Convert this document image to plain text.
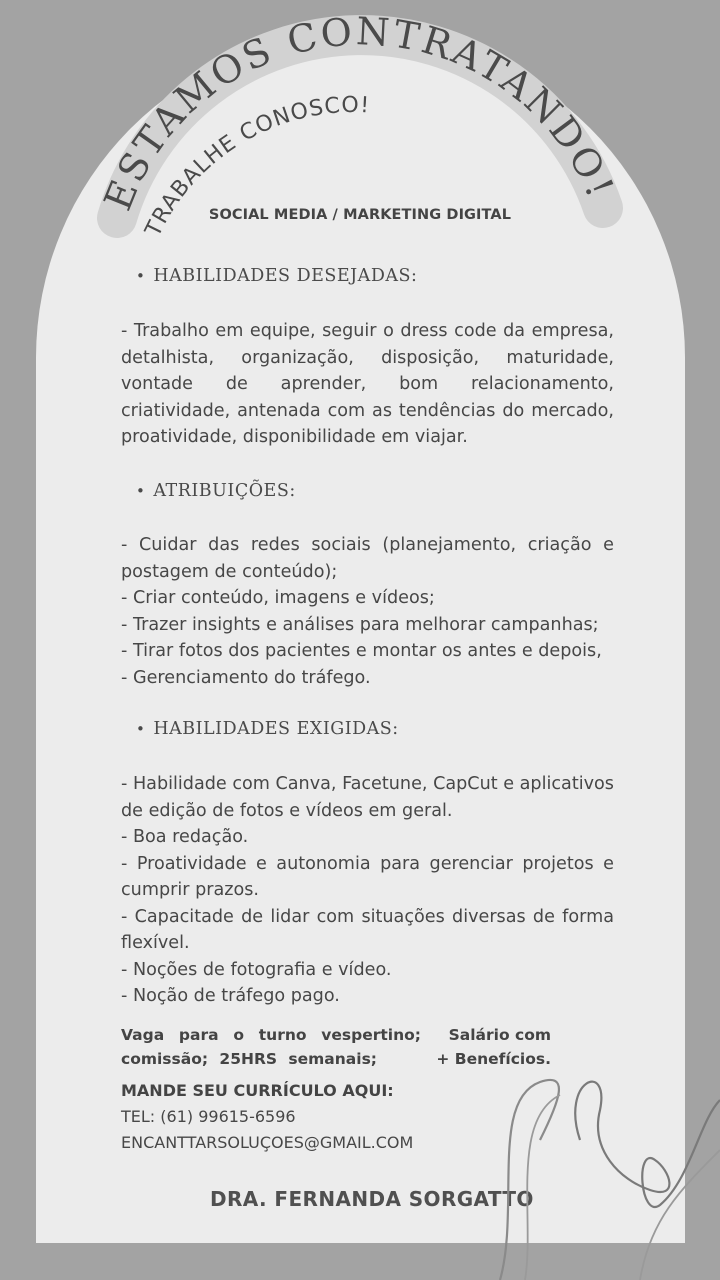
ESTAMOS CONTRATANDO!
TRABALHE CONOSCO!
SOCIAL MEDIA / MARKETING DIGITAL
• HABILIDADES DESEJADAS:

- Trabalho em equipe, seguir o dress code da empresa,

detalhista, organização, disposição, maturidade,

vontade de aprender, bom relacionamento,

criatividade, antenada com as tendências do mercado,

proatividade, disponibilidade em viajar.

• ATRIBUIÇÕES:

- Cuidar das redes sociais (planejamento, criação e

postagem de conteúdo);

- Criar conteúdo, imagens e vídeos;

- Trazer insights e análises para melhorar campanhas;

- Tirar fotos dos pacientes e montar os antes e depois,

- Gerenciamento do tráfego.

• HABILIDADES EXIGIDAS:

- Habilidade com Canva, Facetune, CapCut e aplicativos

de edição de fotos e vídeos em geral.

- Boa redação.

- Proatividade e autonomia para gerenciar projetos e

cumprir prazos.

- Capacitade de lidar com situações diversas de forma

flexível.

- Noções de fotografia e vídeo.

- Noção de tráfego pago.

Vaga para o turno vespertino; Salário com
comissão; 25HRS semanais;	+ Benefícios.
MANDE SEU CURRÍCULO AQUI:
TEL: (61) 99615-6596
ENCANTTARSOLUÇOES@GMAIL.COM
DRA. FERNANDA SORGATTO
